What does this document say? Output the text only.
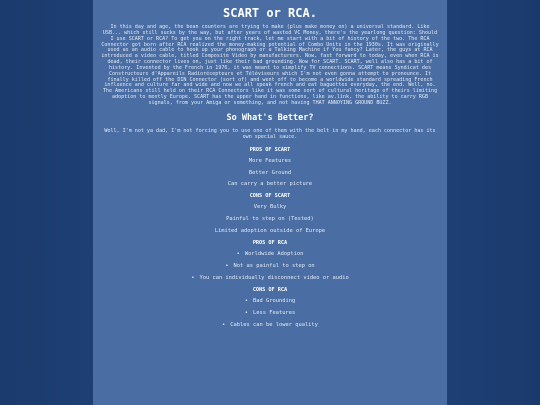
SCART or RCA.

In this day and age, the bean counters are trying to make (plus make money on) a universal standard. Like USB... which still sucks by the way, but after years of wasted VC Money, there's the yearlong question: Should I use SCART or RCA? To get you on the right track, let me start with a bit of history of the two. The RCA Connector got born after RCA realized the money-making potential of Combo Units in the 1930s. It was originally used as an audio cable to hook up your phonograph or a Talking Machine if You fancy? Later, the guys at RCA introduced a video cable, titled Composite Video by manufacturers. Now, fast forward to today, even when RCA is dead, their connector lives on, just like their bad grounding. Now for SCART. SCART, well also has a bit of history. Invented by the French in 1976, it was meant to simplify TV connections. SCART means Syndicat des Constructeurs d'Appareils Radiorécepteurs et Téléviseurs which I'm not even gonna attempt to pronounce. It finally killed off the DIN Connector (sort of) and went off to become a worldwide standard spreading French influence and culture far and wide and now we all speak french and eat baguettes everyday, the end. Well, no. The Americans still held on their RCA Connectors like it was some sort of cultural heritage of theirs limiting adoption to mostly Europe. SCART has the upper hand in functions, like av.link, the ability to carry RGB signals, from your Amiga or something, and not having THAT ANNOYING GROUND BUZZ.

So What's Better?

Well, I'm not ya dad, I'm not forcing you to use one of them with the belt in my hand, each connector has its own special sauce.

PROS OF SCART
More Features
Better Ground
Can carry a better picture
CONS OF SCART
Very Bulky
Painful to step on (Tested)
Limited adoption outside of Europe
PROS OF RCA
• Worldwide Adoption
• Not as painful to step on
• You can individually disconnect video or audio
CONS OF RCA
• Bad Grounding
• Less Features
• Cables can be lower quality
